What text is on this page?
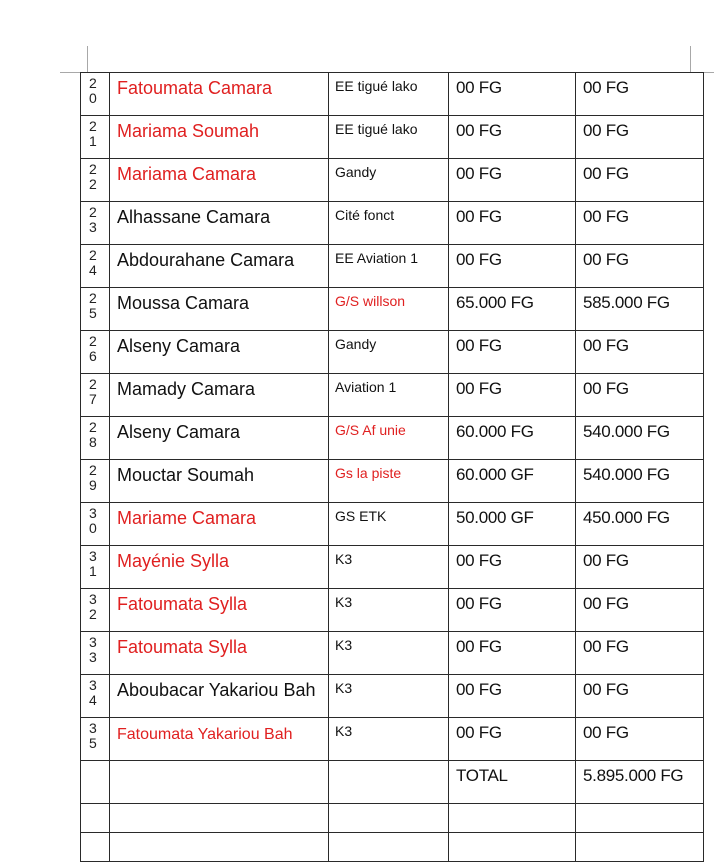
20	Fatoumata Camara	EE tigué lako	00 FG	00 FG

21	Mariama Soumah	EE tigué lako	00 FG	00 FG

22	Mariama Camara	Gandy	00 FG	00 FG

23	Alhassane Camara	Cité fonct	00 FG	00 FG

24	Abdourahane Camara	EE Aviation 1	00 FG	00 FG

25	Moussa Camara	G/S willson	65.000 FG	585.000 FG

26	Alseny Camara	Gandy	00 FG	00 FG

27	Mamady Camara	Aviation 1	00 FG	00 FG

28	Alseny Camara	G/S Af unie	60.000 FG	540.000 FG

29	Mouctar Soumah	Gs la piste	60.000 GF	540.000 FG

30	Mariame Camara	GS ETK	50.000 GF	450.000 FG

31	Mayénie Sylla	K3	00 FG	00 FG

32	Fatoumata Sylla	K3	00 FG	00 FG

33	Fatoumata Sylla	K3	00 FG	00 FG

34	Aboubacar Yakariou Bah	K3	00 FG	00 FG

35	Fatoumata Yakariou Bah	K3	00 FG	00 FG
			TOTAL	5.895.000 FG
